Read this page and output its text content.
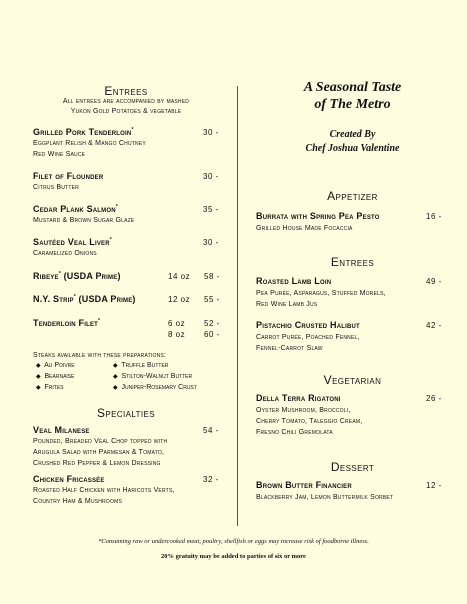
Entrees
All entrees are accompanied by mashed
Yukon Gold Potatoes & vegetable
Grilled Pork Tenderloin*	30 -
Eggplant Relish & Mango Chutney
Red Wine Sauce
Filet of Flounder	30 -
Citrus Butter
Cedar Plank Salmon*	35 -
Mustard & Brown Sugar Glaze
Sautéed Veal Liver*	30 -
Caramelized Onions
Ribeye* (USDA Prime)	14 oz 58 -
N.Y. Strip* (USDA Prime)	12 oz 55 -
Tenderloin Filet*	6 oz 52 -
8 oz 60 -
Steaks available with these preparations:
◆ Au Poivre	◆ Truffle Butter
◆ Bearnaise	◆ Stilton-Walnut Butter
◆ Frites	◆ Juniper-Rosemary Crust
Specialties
Veal Milanese	54 -
Pounded, Breaded Veal Chop topped with
Arugula Salad with Parmesan & Tomato,
Crushed Red Pepper & Lemon Dressing
Chicken Fricassée	32 -
Roasted Half Chicken with Haricots Verts,
Country Ham & Mushrooms
A Seasonal Taste
of The Metro
Created By
Chef Joshua Valentine
Appetizer
Burrata with Spring Pea Pesto	16 -
Grilled House Made Focaccia
Entrees
Roasted Lamb Loin	49 -
Pea Purée, Asparagus, Stuffed Morels,
Red Wine Lamb Jus
Pistachio Crusted Halibut	42 -
Carrot Purée, Poached Fennel,
Fennel-Carrot Slaw
Vegetarian
Della Terra Rigatoni	26 -
Oyster Mushroom, Broccoli,
Cherry Tomato, Taleggio Cream,
Fresno Chili Gremolata
Dessert
Brown Butter Financier	12 -
Blackberry Jam, Lemon Buttermilk Sorbet
*Consuming raw or undercooked meat, poultry, shellfish or eggs may increase risk of foodborne illness.
20% gratuity may be added to parties of six or more
